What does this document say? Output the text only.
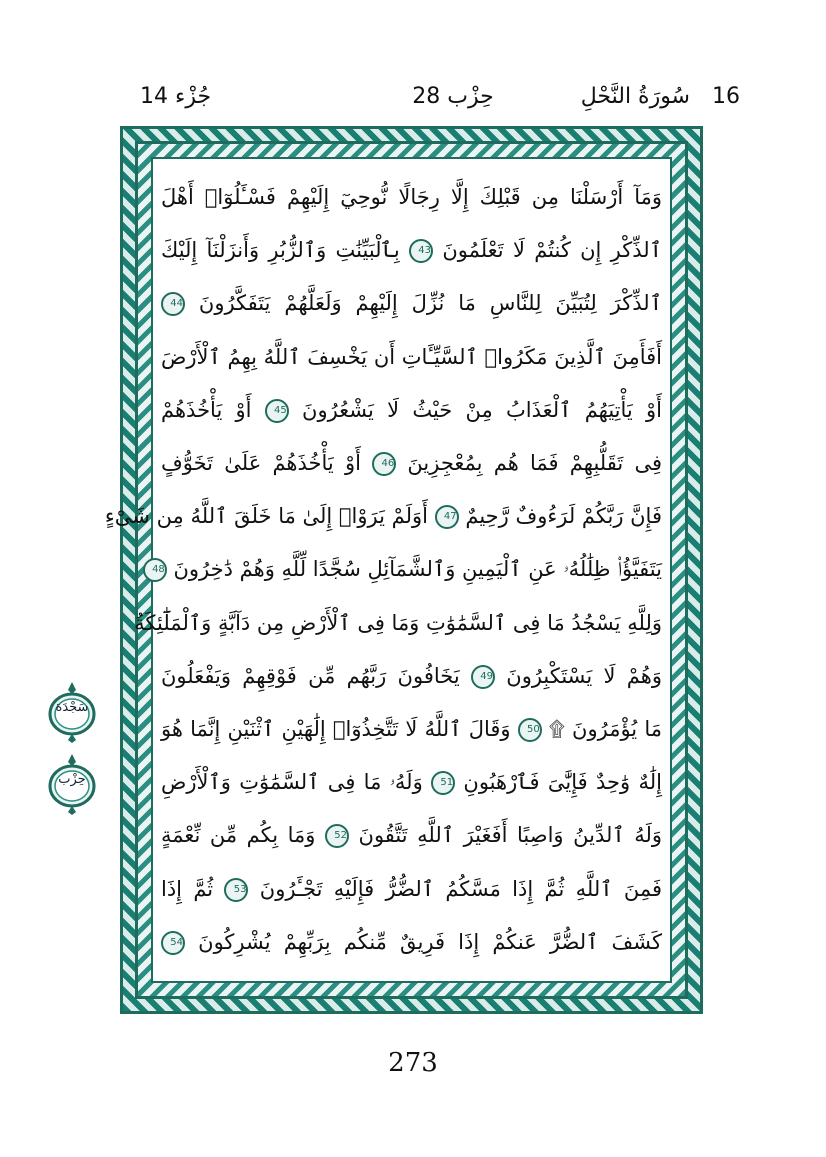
16
سُورَةُ النَّحْلِ
حِزْب 28
جُزْء 14
وَمَآ أَرْسَلْنَا مِن قَبْلِكَ إِلَّا رِجَالًا نُّوحِيٓ إِلَيْهِمْ فَسْـَٔلُوٓا۟ أَهْلَ
ٱلذِّكْرِ إِن كُنتُمْ لَا تَعْلَمُونَ 43 بِٱلْبَيِّنَٰتِ وَٱلزُّبُرِ وَأَنزَلْنَآ إِلَيْكَ
ٱلذِّكْرَ لِتُبَيِّنَ لِلنَّاسِ مَا نُزِّلَ إِلَيْهِمْ وَلَعَلَّهُمْ يَتَفَكَّرُونَ 44
أَفَأَمِنَ ٱلَّذِينَ مَكَرُوا۟ ٱلسَّيِّـَٔاتِ أَن يَخْسِفَ ٱللَّهُ بِهِمُ ٱلْأَرْضَ
أَوْ يَأْتِيَهُمُ ٱلْعَذَابُ مِنْ حَيْثُ لَا يَشْعُرُونَ 45 أَوْ يَأْخُذَهُمْ
فِى تَقَلُّبِهِمْ فَمَا هُم بِمُعْجِزِينَ 46 أَوْ يَأْخُذَهُمْ عَلَىٰ تَخَوُّفٍ
فَإِنَّ رَبَّكُمْ لَرَءُوفٌ رَّحِيمٌ 47 أَوَلَمْ يَرَوْا۟ إِلَىٰ مَا خَلَقَ ٱللَّهُ مِن شَىْءٍ
يَتَفَيَّؤُا۟ ظِلَٰلُهُۥ عَنِ ٱلْيَمِينِ وَٱلشَّمَآئِلِ سُجَّدًا لِّلَّهِ وَهُمْ دَٰخِرُونَ 48
وَلِلَّهِ يَسْجُدُ مَا فِى ٱلسَّمَٰوَٰتِ وَمَا فِى ٱلْأَرْضِ مِن دَآبَّةٍ وَٱلْمَلَٰٓئِكَةُ
وَهُمْ لَا يَسْتَكْبِرُونَ 49 يَخَافُونَ رَبَّهُم مِّن فَوْقِهِمْ وَيَفْعَلُونَ
مَا يُؤْمَرُونَ ۩ 50 وَقَالَ ٱللَّهُ لَا تَتَّخِذُوٓا۟ إِلَٰهَيْنِ ٱثْنَيْنِ إِنَّمَا هُوَ
إِلَٰهٌ وَٰحِدٌ فَإِيَّٰىَ فَٱرْهَبُونِ 51 وَلَهُۥ مَا فِى ٱلسَّمَٰوَٰتِ وَٱلْأَرْضِ
وَلَهُ ٱلدِّينُ وَاصِبًا أَفَغَيْرَ ٱللَّهِ تَتَّقُونَ 52 وَمَا بِكُم مِّن نِّعْمَةٍ
فَمِنَ ٱللَّهِ ثُمَّ إِذَا مَسَّكُمُ ٱلضُّرُّ فَإِلَيْهِ تَجْـَٔرُونَ 53 ثُمَّ إِذَا
كَشَفَ ٱلضُّرَّ عَنكُمْ إِذَا فَرِيقٌ مِّنكُم بِرَبِّهِمْ يُشْرِكُونَ 54
سَجْدَة
حِزْب
273
